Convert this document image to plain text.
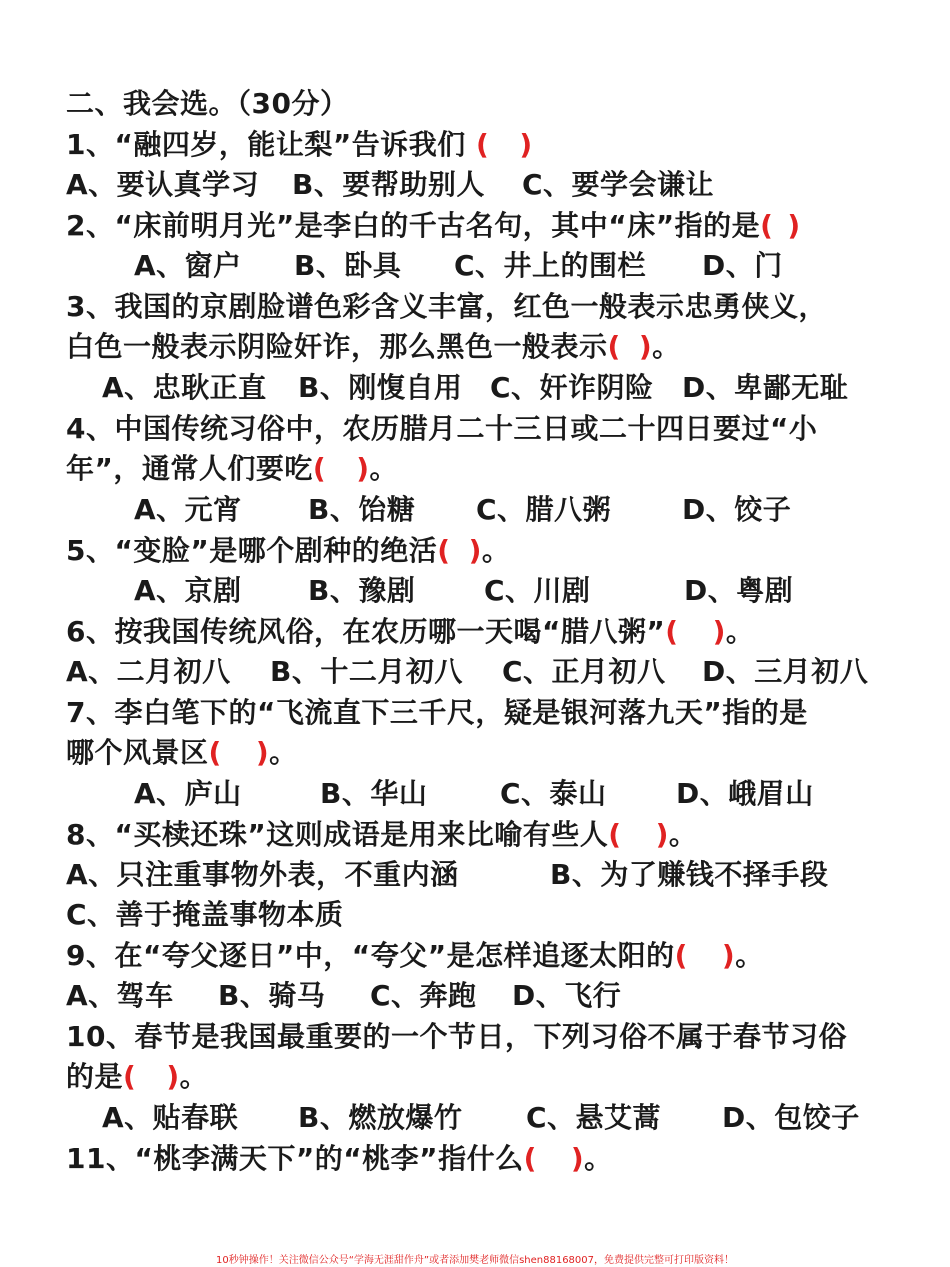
二、我会选。（30分）
1、“融四岁，能让梨”告诉我们 ( )
A、要认真学习 B、要帮助别人 C、要学会谦让
2、“床前明月光”是李白的千古名句，其中“床”指的是( )
A、窗户 B、卧具 C、井上的围栏 D、门
3、我国的京剧脸谱色彩含义丰富，红色一般表示忠勇侠义，
白色一般表示阴险奸诈，那么黑色一般表示( )。
A、忠耿正直 B、刚愎自用 C、奸诈阴险 D、卑鄙无耻
4、中国传统习俗中，农历腊月二十三日或二十四日要过“小
年”，通常人们要吃( )。
A、元宵 B、饴糖 C、腊八粥	D、饺子
5、“变脸”是哪个剧种的绝活( )。
A、京剧 B、豫剧 C、川剧	D、粤剧
6、按我国传统风俗，在农历哪一天喝“腊八粥”( )。
A、二月初八 B、十二月初八 C、正月初八 D、三月初八
7、李白笔下的“飞流直下三千尺，疑是银河落九天”指的是
哪个风景区( )。
A、庐山	B、华山	C、泰山 D、峨眉山
8、“买椟还珠”这则成语是用来比喻有些人( )。
A、只注重事物外表，不重内涵	B、为了赚钱不择手段
C、善于掩盖事物本质
9、在“夸父逐日”中，“夸父”是怎样追逐太阳的( )。
A、驾车 B、骑马 C、奔跑 D、飞行
10、春节是我国最重要的一个节日，下列习俗不属于春节习俗
的是( )。
A、贴春联 B、燃放爆竹 C、悬艾蒿 D、包饺子
11、“桃李满天下”的“桃李”指什么( )。
10秒钟操作！关注微信公众号“学海无涯甜作舟”或者添加樊老师微信shen88168007，免费提供完整可打印版资料！
